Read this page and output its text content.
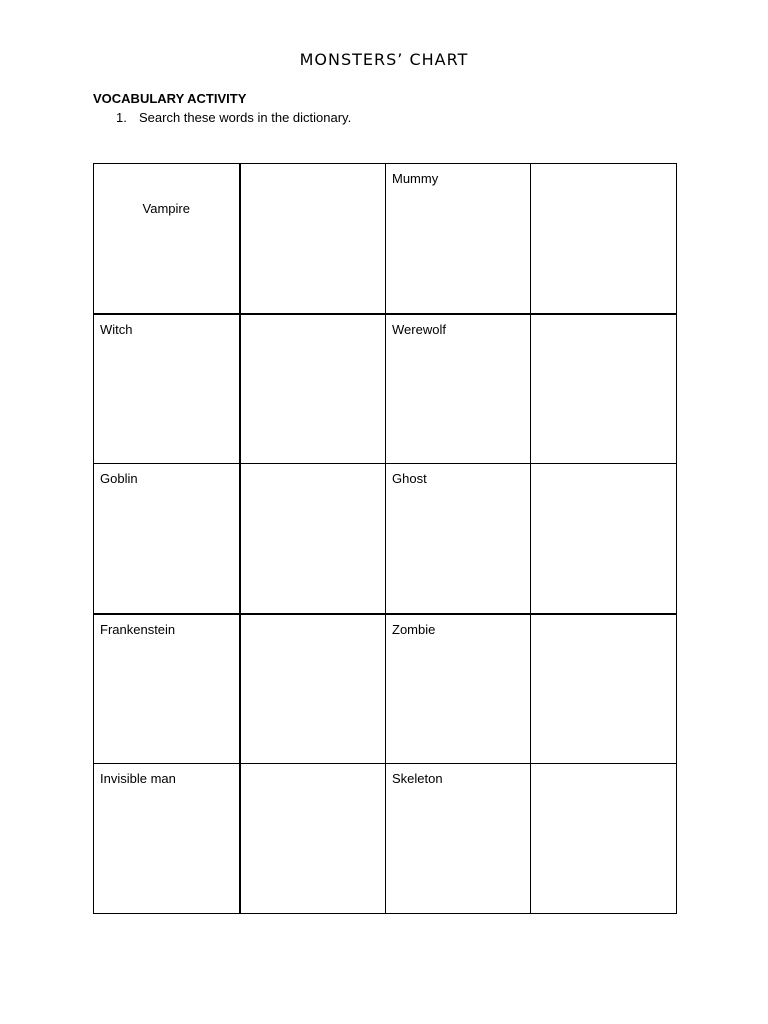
MONSTERS’ CHART
VOCABULARY ACTIVITY
1. Search these words in the dictionary.
Vampire		Mummy	

Witch		Werewolf	

Goblin		Ghost	

Frankenstein		Zombie	

Invisible man		Skeleton	
